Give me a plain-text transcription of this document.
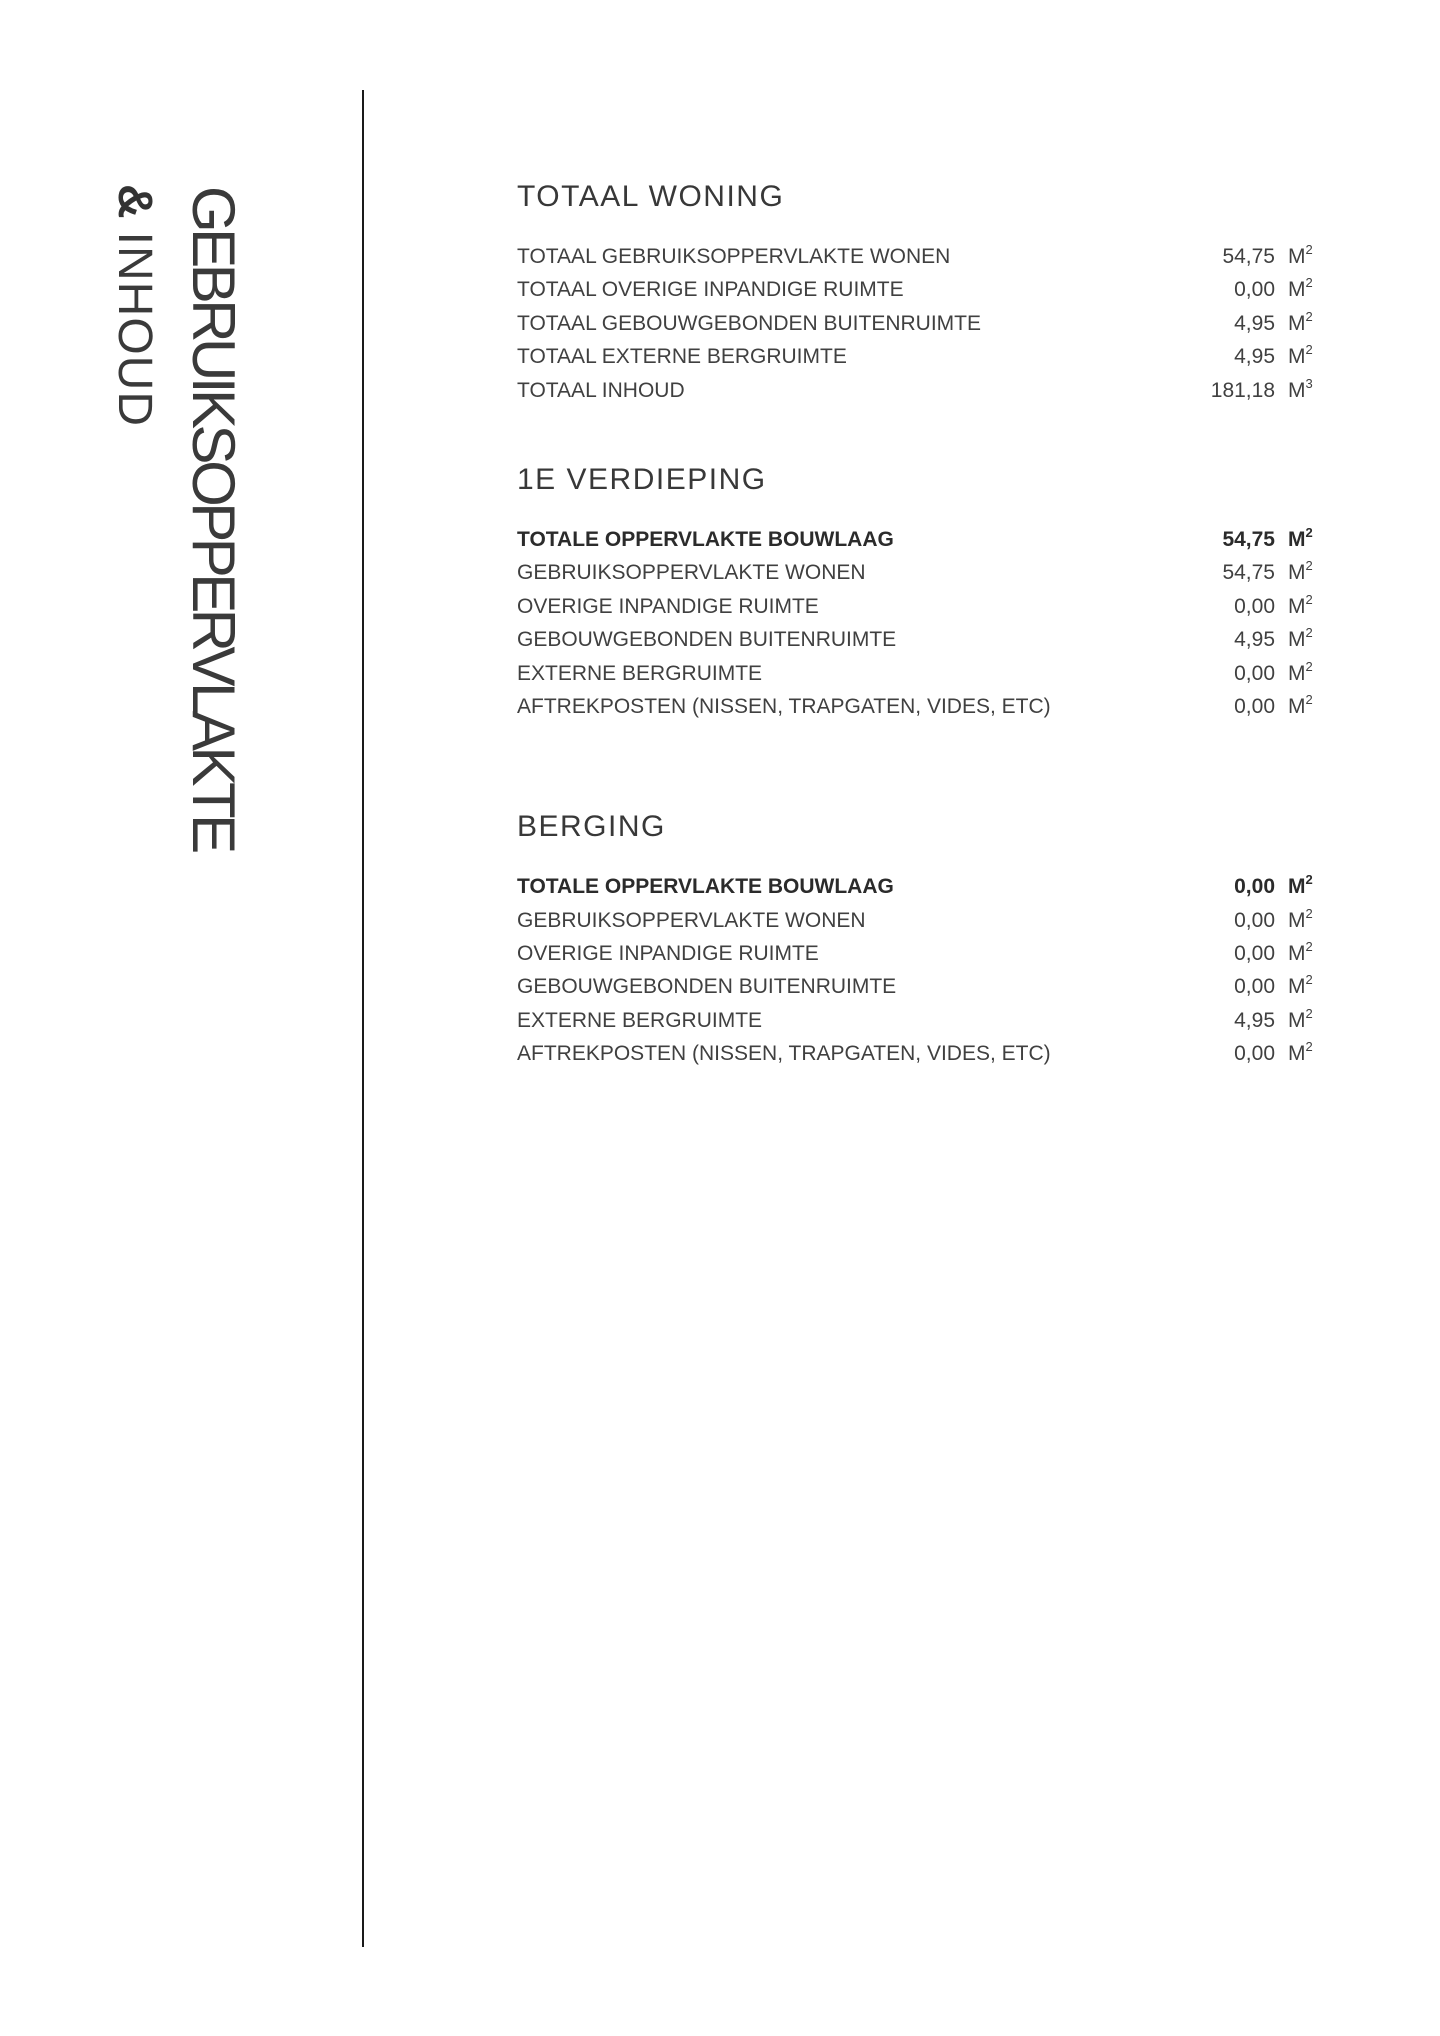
GEBRUIKSOPPERVLAKTE
&INHOUD
TOTAAL WONING
TOTAAL GEBRUIKSOPPERVLAKTE WONEN	54,75 $M^2$
TOTAAL OVERIGE INPANDIGE RUIMTE	0,00 $M^2$
TOTAAL GEBOUWGEBONDEN BUITENRUIMTE	4,95 $M^2$
TOTAAL EXTERNE BERGRUIMTE	4,95 $M^2$
TOTAAL INHOUD	181,18 $M^3$
1E VERDIEPING
TOTALE OPPERVLAKTE BOUWLAAG	54,75 $M^2$
GEBRUIKSOPPERVLAKTE WONEN	54,75 $M^2$
OVERIGE INPANDIGE RUIMTE	0,00 $M^2$
GEBOUWGEBONDEN BUITENRUIMTE	4,95 $M^2$
EXTERNE BERGRUIMTE	0,00 $M^2$
AFTREKPOSTEN (NISSEN, TRAPGATEN, VIDES, ETC)	0,00 $M^2$
BERGING
TOTALE OPPERVLAKTE BOUWLAAG	0,00 $M^2$
GEBRUIKSOPPERVLAKTE WONEN	0,00 $M^2$
OVERIGE INPANDIGE RUIMTE	0,00 $M^2$
GEBOUWGEBONDEN BUITENRUIMTE	0,00 $M^2$
EXTERNE BERGRUIMTE	4,95 $M^2$
AFTREKPOSTEN (NISSEN, TRAPGATEN, VIDES, ETC)	0,00 $M^2$
